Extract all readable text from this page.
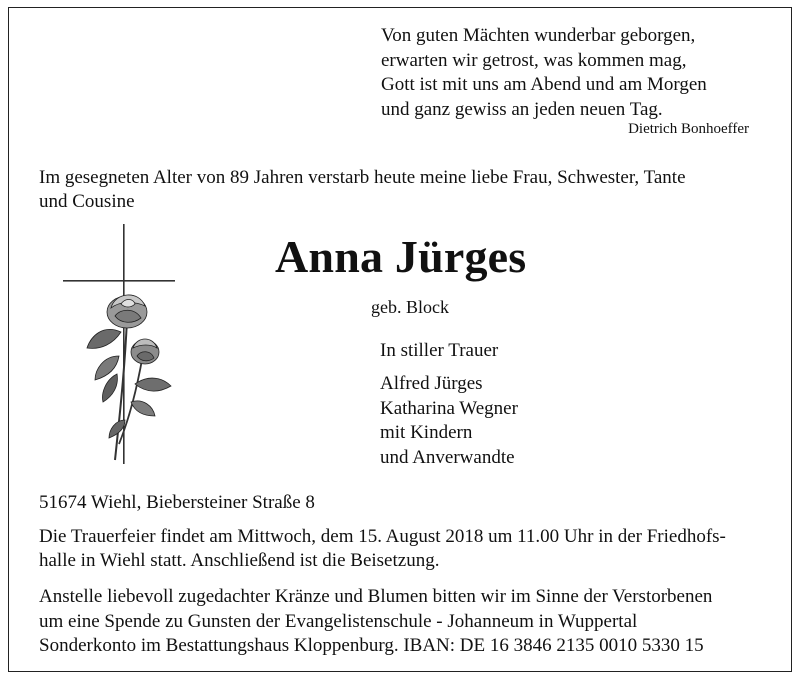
Von guten Mächten wunderbar geborgen,
erwarten wir getrost, was kommen mag,
Gott ist mit uns am Abend und am Morgen
und ganz gewiss an jeden neuen Tag.
Dietrich Bonhoeffer
Im gesegneten Alter von 89 Jahren verstarb heute meine liebe Frau, Schwester, Tante
und Cousine
Anna Jürges
geb. Block
In stiller Trauer
Alfred Jürges
Katharina Wegner
mit Kindern
und Anverwandte
51674 Wiehl, Biebersteiner Straße 8
Die Trauerfeier findet am Mittwoch, dem 15. August 2018 um 11.00 Uhr in der Friedhofs-
halle in Wiehl statt. Anschließend ist die Beisetzung.
Anstelle liebevoll zugedachter Kränze und Blumen bitten wir im Sinne der Verstorbenen
um eine Spende zu Gunsten der Evangelistenschule - Johanneum in Wuppertal
Sonderkonto im Bestattungshaus Kloppenburg. IBAN: DE 16 3846 2135 0010 5330 15
